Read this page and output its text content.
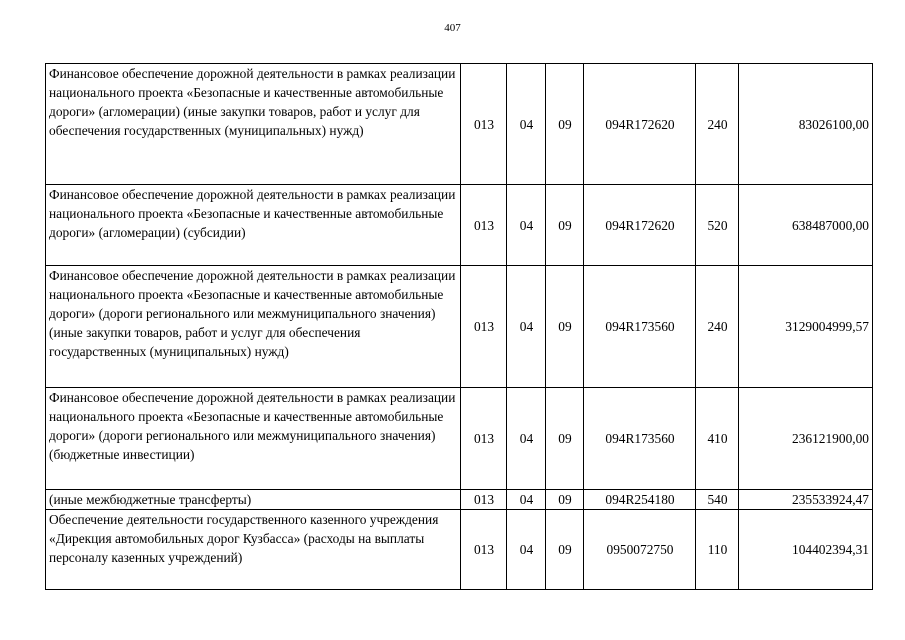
407
Финансовое обеспечение дорожной деятельности в рамках реализации национального проекта «Безопасные и качественные автомобильные дороги» (агломерации) (иные закупки товаров, работ и услуг для обеспечения государственных (муниципальных) нужд)	013	04	09	094R172620	240	83026100,00
Финансовое обеспечение дорожной деятельности в рамках реализации национального проекта «Безопасные и качественные автомобильные дороги» (агломерации) (субсидии)	013	04	09	094R172620	520	638487000,00
Финансовое обеспечение дорожной деятельности в рамках реализации национального проекта «Безопасные и качественные автомобильные дороги» (дороги регионального или межмуниципального значения) (иные закупки товаров, работ и услуг для обеспечения государственных (муниципальных) нужд)	013	04	09	094R173560	240	3129004999,57
Финансовое обеспечение дорожной деятельности в рамках реализации национального проекта «Безопасные и качественные автомобильные дороги» (дороги регионального или межмуниципального значения) (бюджетные инвестиции)	013	04	09	094R173560	410	236121900,00
(иные межбюджетные трансферты)	013	04	09	094R254180	540	235533924,47
Обеспечение деятельности государственного казенного учреждения «Дирекция автомобильных дорог Кузбасса» (расходы на выплаты персоналу казенных учреждений)	013	04	09	0950072750	110	104402394,31
